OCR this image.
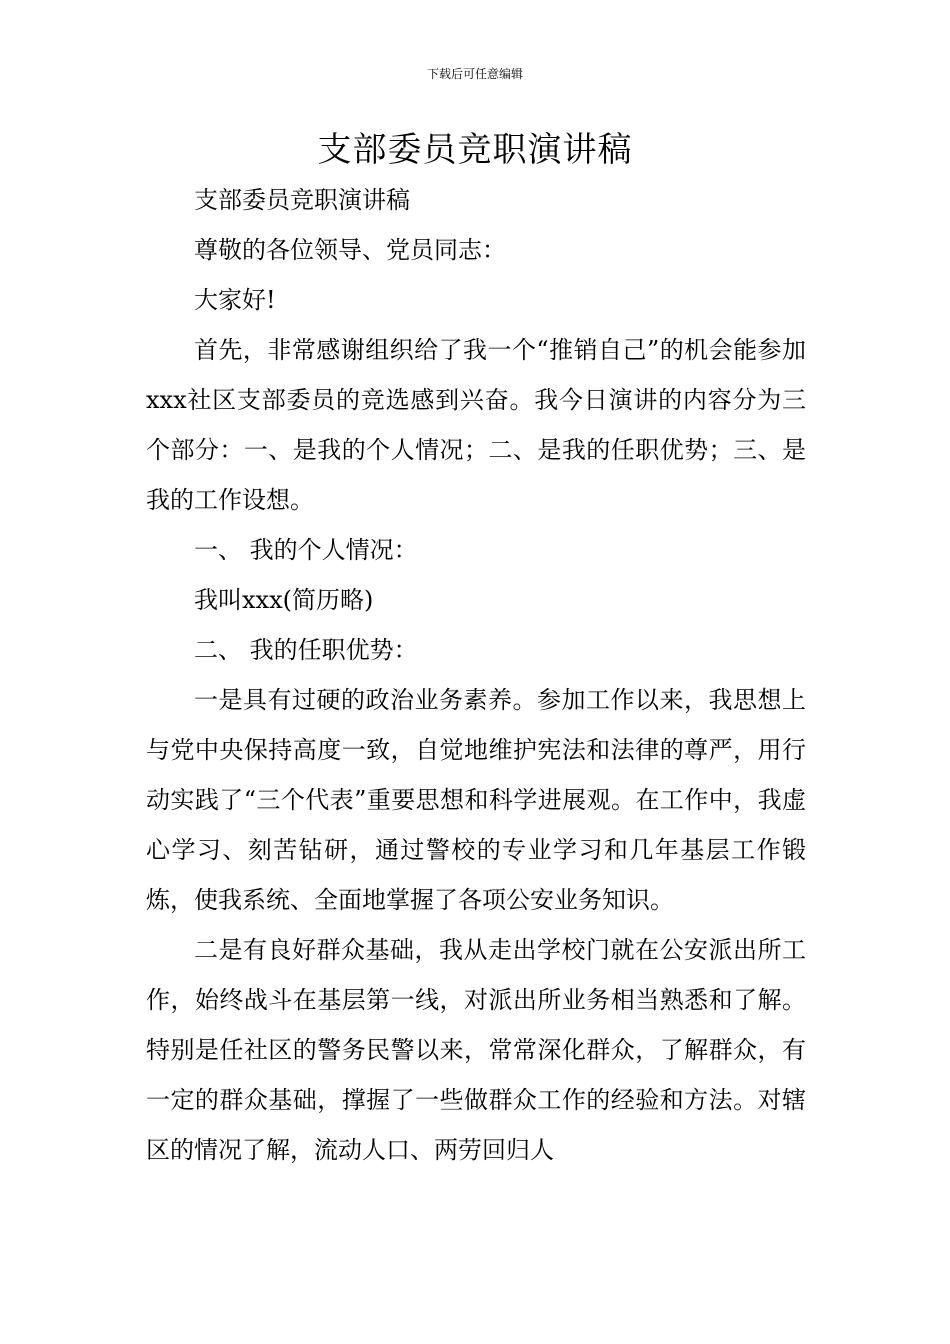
下载后可任意编辑
支部委员竞职演讲稿

支部委员竞职演讲稿

尊敬的各位领导、党员同志：

大家好!

首先，非常感谢组织给了我一个“推销自己”的机会能参加xxx社区支部委员的竞选感到兴奋。我今日演讲的内容分为三个部分：一、是我的个人情况；二、是我的任职优势；三、是我的工作设想。

一、 我的个人情况：

我叫xxx(简历略)

二、 我的任职优势：

一是具有过硬的政治业务素养。参加工作以来，我思想上与党中央保持高度一致，自觉地维护宪法和法律的尊严，用行动实践了“三个代表”重要思想和科学进展观。在工作中，我虚心学习、刻苦钻研，通过警校的专业学习和几年基层工作锻炼，使我系统、全面地掌握了各项公安业务知识。

二是有良好群众基础，我从走出学校门就在公安派出所工作，始终战斗在基层第一线，对派出所业务相当熟悉和了解。 特别是任社区的警务民警以来，常常深化群众，了解群众，有一定的群众基础，撑握了一些做群众工作的经验和方法。对辖区的情况了解，流动人口、两劳回归人
